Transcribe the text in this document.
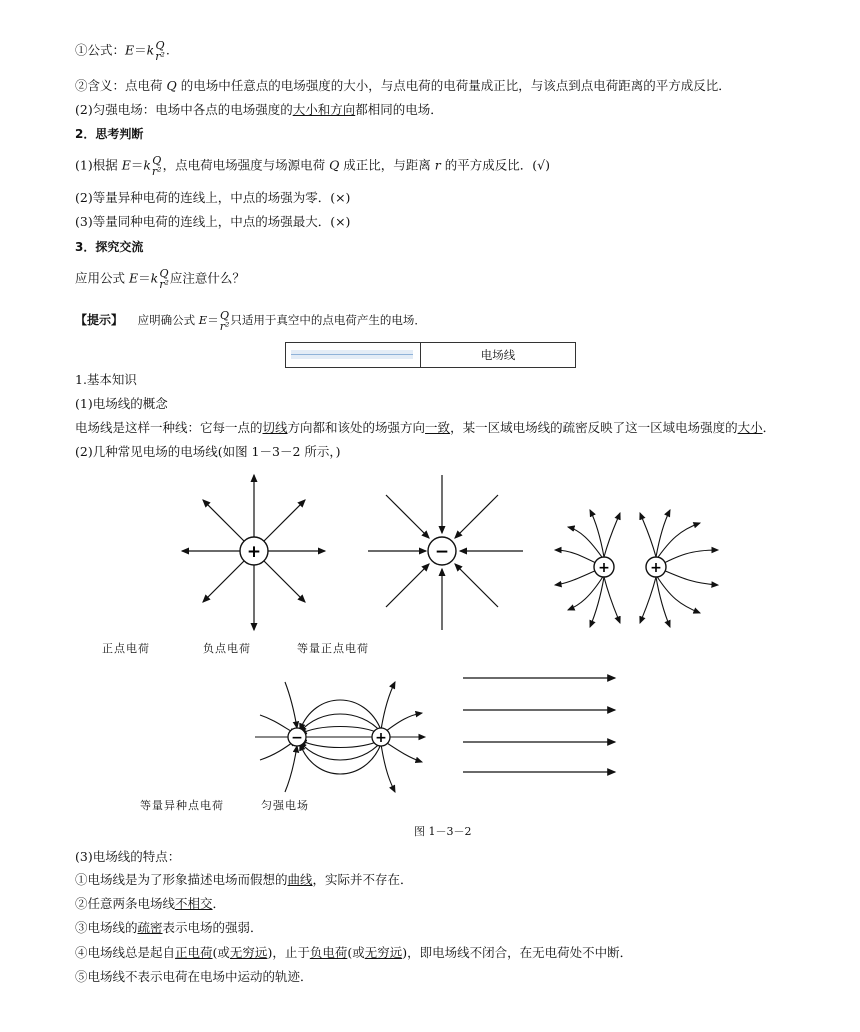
①公式：E＝k Q
r² .
②含义：点电荷 Q 的电场中任意点的电场强度的大小，与点电荷的电荷量成正比，与该点到点电荷距离的平方成反比．
(2)匀强电场：电场中各点的电场强度的大小和方向都相同的电场．
2．思考判断
(1)根据 E＝k Q
r² ，点电荷电场强度与场源电荷 Q 成正比，与距离 r 的平方成反比．(√)
(2)等量异种电荷的连线上，中点的场强为零．(×)
(3)等量同种电荷的连线上，中点的场强最大．(×)
3．探究交流
应用公式 E＝k Q
r² 应注意什么？
【提示】 应明确公式 E＝ Q
r² 只适用于真空中的点电荷产生的电场．
	电场线
1.基本知识
(1)电场线的概念
电场线是这样一种线：它每一点的切线方向都和该处的场强方向一致，某一区域电场线的疏密反映了这一区域电场强度的大小．
(2)几种常见电场的电场线(如图 1－3－2 所示，)
+	−
+	+
正点电荷	负点电荷	等量正点电荷
−	+
等量异种点电荷	匀强电场
图 1－3－2
(3)电场线的特点：
①电场线是为了形象描述电场而假想的曲线，实际并不存在．
②任意两条电场线不相交．
③电场线的疏密表示电场的强弱．
④电场线总是起自正电荷(或无穷远)，止于负电荷(或无穷远)，即电场线不闭合，在无电荷处不中断．
⑤电场线不表示电荷在电场中运动的轨迹．
